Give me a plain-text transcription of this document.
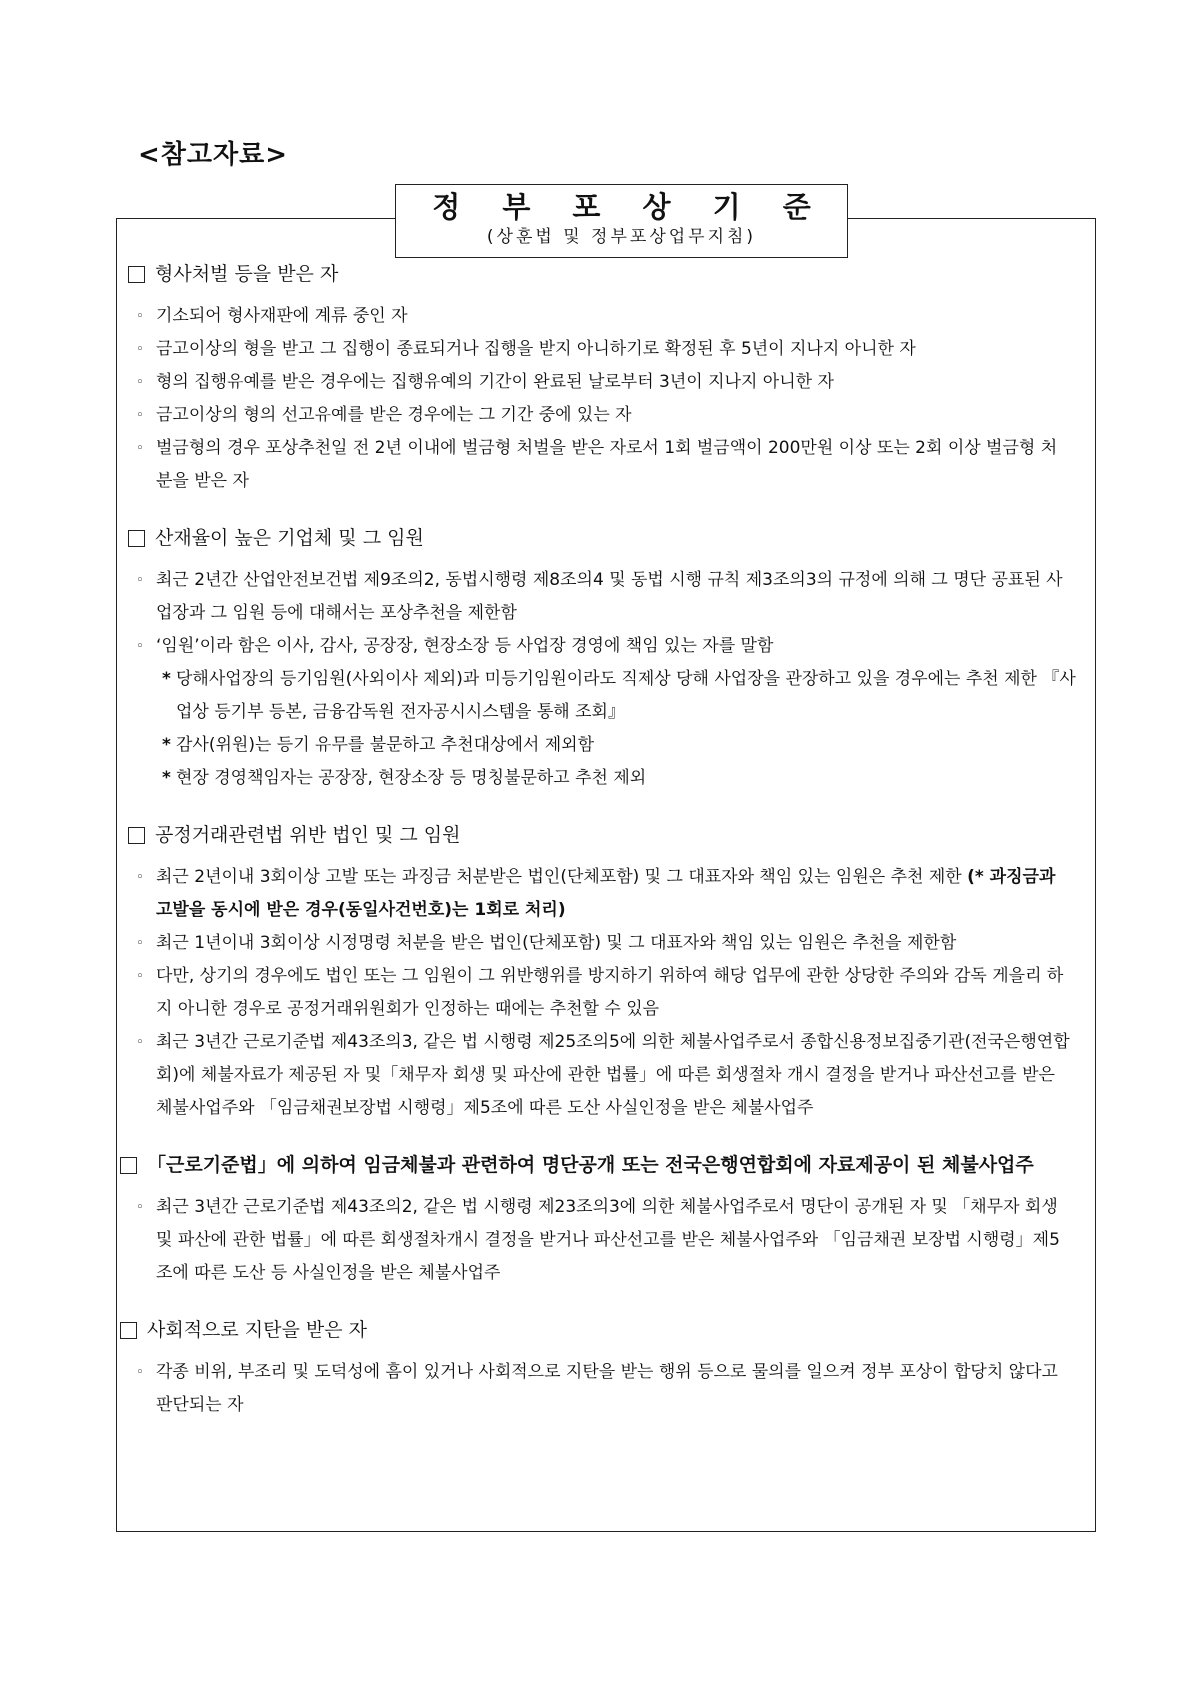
<참고자료>
정 부 포 상 기 준
(상훈법 및 정부포상업무지침)
형사처벌 등을 받은 자
◦ 기소되어 형사재판에 계류 중인 자
◦ 금고이상의 형을 받고 그 집행이 종료되거나 집행을 받지 아니하기로 확정된 후 5년이 지나지 아니한 자
◦ 형의 집행유예를 받은 경우에는 집행유예의 기간이 완료된 날로부터 3년이 지나지 아니한 자
◦ 금고이상의 형의 선고유예를 받은 경우에는 그 기간 중에 있는 자
◦ 벌금형의 경우 포상추천일 전 2년 이내에 벌금형 처벌을 받은 자로서 1회 벌금액이 200만원 이상 또는 2회 이상 벌금형 처분을 받은 자
산재율이 높은 기업체 및 그 임원
◦ 최근 2년간 산업안전보건법 제9조의2, 동법시행령 제8조의4 및 동법 시행 규칙 제3조의3의 규정에 의해 그 명단 공표된 사업장과 그 임원 등에 대해서는 포상추천을 제한함
◦ ‘임원’이라 함은 이사, 감사, 공장장, 현장소장 등 사업장 경영에 책임 있는 자를 말함
* 당해사업장의 등기임원(사외이사 제외)과 미등기임원이라도 직제상 당해 사업장을 관장하고 있을 경우에는 추천 제한 『사업상 등기부 등본, 금융감독원 전자공시시스템을 통해 조회』
* 감사(위원)는 등기 유무를 불문하고 추천대상에서 제외함
* 현장 경영책임자는 공장장, 현장소장 등 명칭불문하고 추천 제외
공정거래관련법 위반 법인 및 그 임원
◦ 최근 2년이내 3회이상 고발 또는 과징금 처분받은 법인(단체포함) 및 그 대표자와 책임 있는 임원은 추천 제한 (* 과징금과 고발을 동시에 받은 경우(동일사건번호)는 1회로 처리)
◦ 최근 1년이내 3회이상 시정명령 처분을 받은 법인(단체포함) 및 그 대표자와 책임 있는 임원은 추천을 제한함
◦ 다만, 상기의 경우에도 법인 또는 그 임원이 그 위반행위를 방지하기 위하여 해당 업무에 관한 상당한 주의와 감독 게을리 하지 아니한 경우로 공정거래위원회가 인정하는 때에는 추천할 수 있음
◦ 최근 3년간 근로기준법 제43조의3, 같은 법 시행령 제25조의5에 의한 체불사업주로서 종합신용정보집중기관(전국은행연합회)에 체불자료가 제공된 자 및「채무자 회생 및 파산에 관한 법률」에 따른 회생절차 개시 결정을 받거나 파산선고를 받은 체불사업주와 「임금채권보장법 시행령」제5조에 따른 도산 사실인정을 받은 체불사업주
「근로기준법」에 의하여 임금체불과 관련하여 명단공개 또는 전국은행연합회에 자료제공이 된 체불사업주
◦ 최근 3년간 근로기준법 제43조의2, 같은 법 시행령 제23조의3에 의한 체불사업주로서 명단이 공개된 자 및 「채무자 회생 및 파산에 관한 법률」에 따른 회생절차개시 결정을 받거나 파산선고를 받은 체불사업주와 「임금채권 보장법 시행령」제5조에 따른 도산 등 사실인정을 받은 체불사업주
사회적으로 지탄을 받은 자
◦ 각종 비위, 부조리 및 도덕성에 흠이 있거나 사회적으로 지탄을 받는 행위 등으로 물의를 일으켜 정부 포상이 합당치 않다고 판단되는 자
